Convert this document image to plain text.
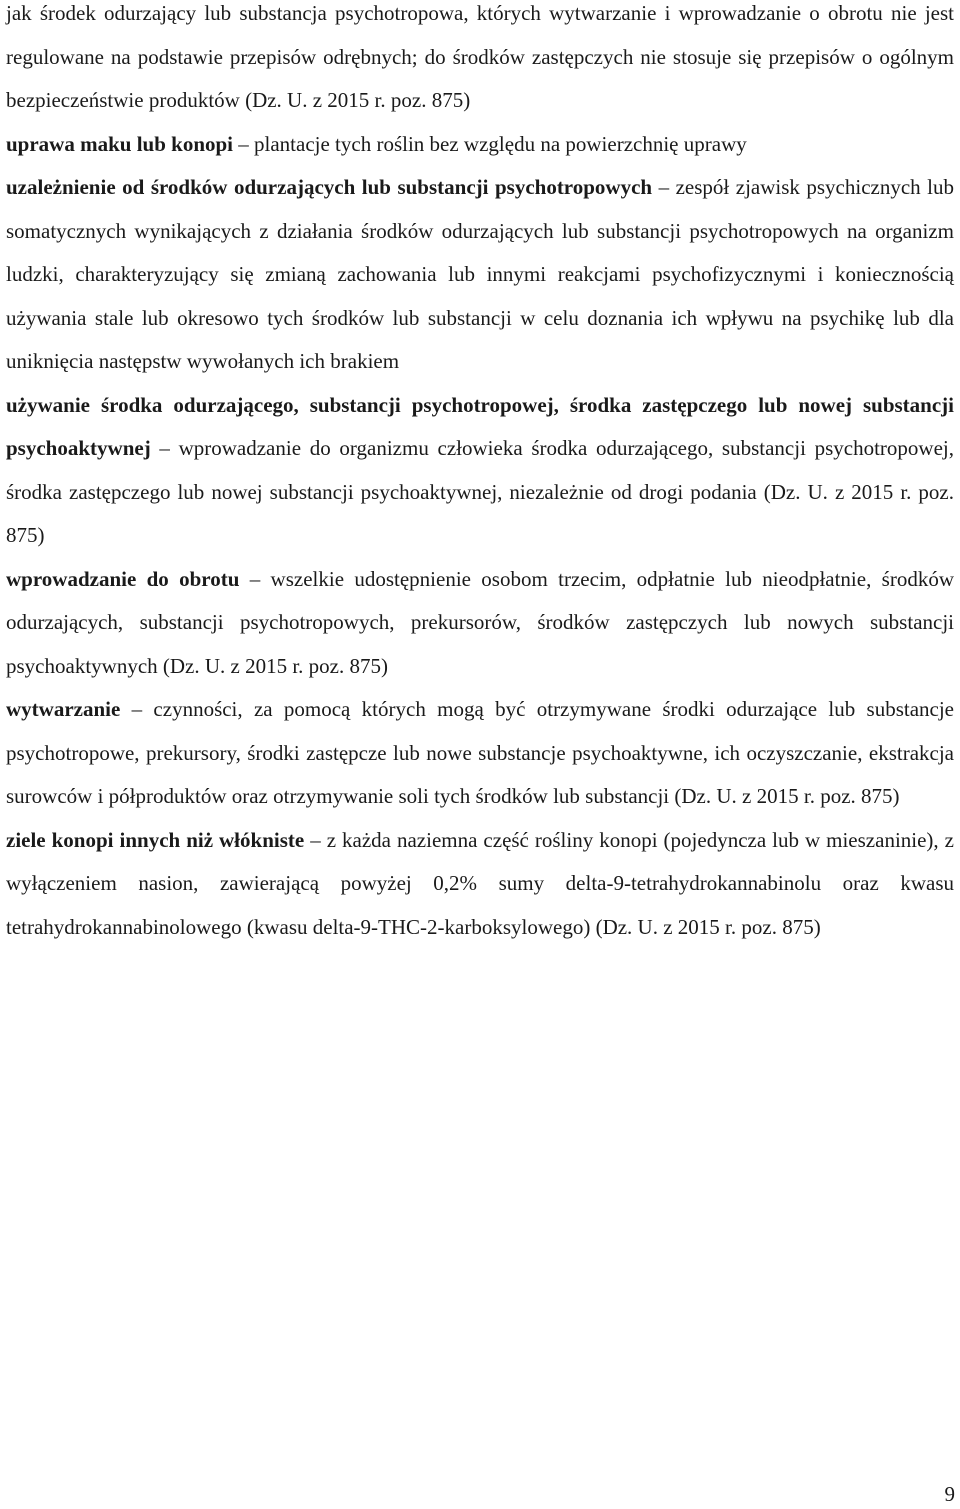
jak środek odurzający lub substancja psychotropowa, których wytwarzanie i wprowadzanie o obrotu nie jest regulowane na podstawie przepisów odrębnych; do środków zastępczych nie stosuje się przepisów o ogólnym bezpieczeństwie produktów (Dz. U. z 2015 r. poz. 875)

uprawa maku lub konopi – plantacje tych roślin bez względu na powierzchnię uprawy

uzależnienie od środków odurzających lub substancji psychotropowych – zespół zjawisk psychicznych lub somatycznych wynikających z działania środków odurzających lub substancji psychotropowych na organizm ludzki, charakteryzujący się zmianą zachowania lub innymi reakcjami psychofizycznymi i koniecznością używania stale lub okresowo tych środków lub substancji w celu doznania ich wpływu na psychikę lub dla uniknięcia następstw wywołanych ich brakiem

używanie środka odurzającego, substancji psychotropowej, środka zastępczego lub nowej substancji psychoaktywnej – wprowadzanie do organizmu człowieka środka odurzającego, substancji psychotropowej, środka zastępczego lub nowej substancji psychoaktywnej, niezależnie od drogi podania (Dz. U. z 2015 r. poz. 875)

wprowadzanie do obrotu – wszelkie udostępnienie osobom trzecim, odpłatnie lub nieodpłatnie, środków odurzających, substancji psychotropowych, prekursorów, środków zastępczych lub nowych substancji psychoaktywnych (Dz. U. z 2015 r. poz. 875)

wytwarzanie – czynności, za pomocą których mogą być otrzymywane środki odurzające lub substancje psychotropowe, prekursory, środki zastępcze lub nowe substancje psychoaktywne, ich oczyszczanie, ekstrakcja surowców i półproduktów oraz otrzymywanie soli tych środków lub substancji (Dz. U. z 2015 r. poz. 875)

ziele konopi innych niż włókniste – z każda naziemna część rośliny konopi (pojedyncza lub w mieszaninie), z wyłączeniem nasion, zawierającą powyżej 0,2% sumy delta-9-tetrahydrokannabinolu oraz kwasu tetrahydrokannabinolowego (kwasu delta-9-THC-2-karboksylowego) (Dz. U. z 2015 r. poz. 875)

9
